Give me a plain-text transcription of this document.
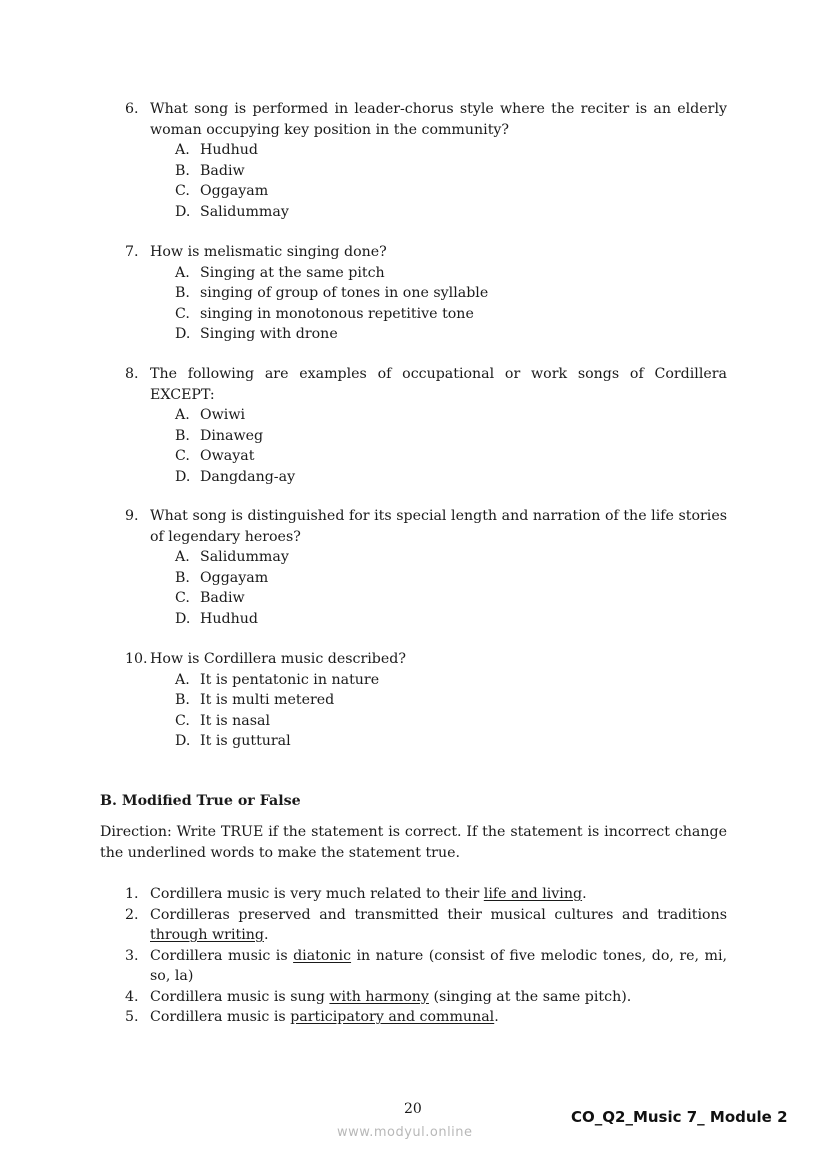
6. What song is performed in leader-chorus style where the reciter is an elderly woman occupying key position in the community?
A. Hudhud
B. Badiw
C. Oggayam
D. Salidummay
7. How is melismatic singing done?
A. Singing at the same pitch
B. singing of group of tones in one syllable
C. singing in monotonous repetitive tone
D. Singing with drone
8. The following are examples of occupational or work songs of Cordillera EXCEPT:
A. Owiwi
B. Dinaweg
C. Owayat
D. Dangdang-ay
9. What song is distinguished for its special length and narration of the life stories of legendary heroes?
A. Salidummay
B. Oggayam
C. Badiw
D. Hudhud
10. How is Cordillera music described?
A. It is pentatonic in nature
B. It is multi metered
C. It is nasal
D. It is guttural
B. Modified True or False
Direction: Write TRUE if the statement is correct. If the statement is incorrect change the underlined words to make the statement true.
1. Cordillera music is very much related to their life and living.
2. Cordilleras preserved and transmitted their musical cultures and traditions through writing.
3. Cordillera music is diatonic in nature (consist of five melodic tones, do, re, mi, so, la)
4. Cordillera music is sung with harmony (singing at the same pitch).
5. Cordillera music is participatory and communal.
20	CO_Q2_Music 7_ Module 2
www.modyul.online
